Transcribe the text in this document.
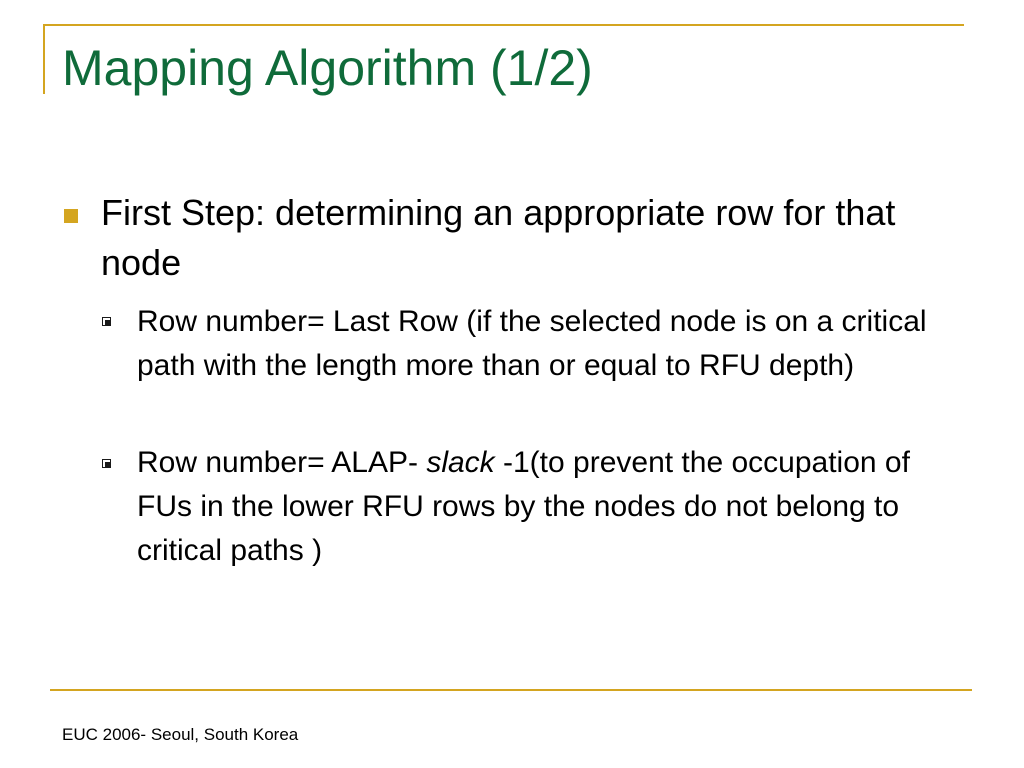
Mapping Algorithm (1/2)
First Step: determining an appropriate row for that node
Row number= Last Row (if the selected node is on a critical path with the length more than or equal to RFU depth)
Row number= ALAP- slack -1(to prevent the occupation of FUs in the lower RFU rows by the nodes do not belong to critical paths )
EUC 2006- Seoul, South Korea
